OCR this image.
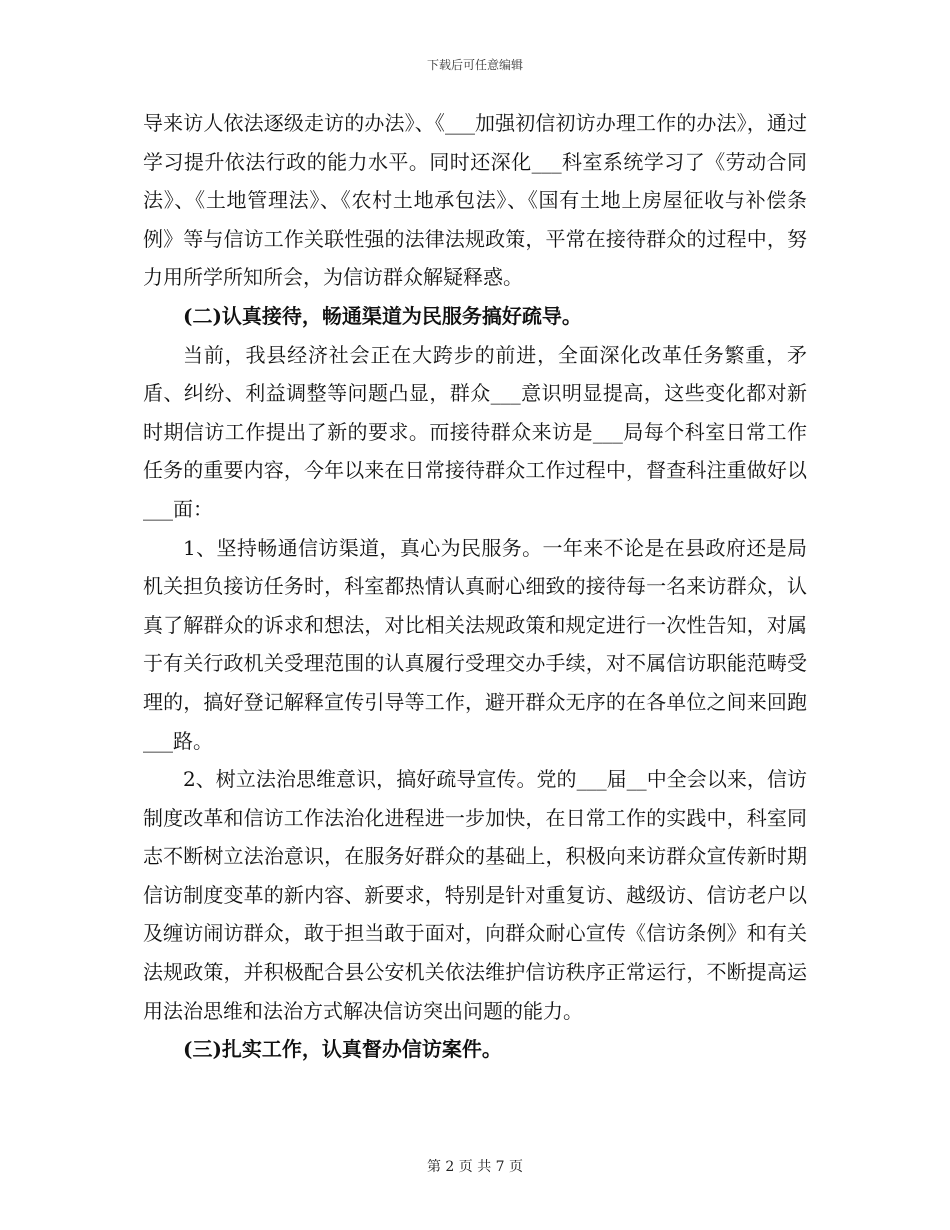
下载后可任意编辑

导来访人依法逐级走访的办法》、《___加强初信初访办理工作的办法》，通过学习提升依法行政的能力水平。同时还深化___科室系统学习了《劳动合同法》、《土地管理法》、《农村土地承包法》、《国有土地上房屋征收与补偿条例》等与信访工作关联性强的法律法规政策，平常在接待群众的过程中，努力用所学所知所会，为信访群众解疑释惑。

(二)认真接待，畅通渠道为民服务搞好疏导。

当前，我县经济社会正在大跨步的前进，全面深化改革任务繁重，矛盾、纠纷、利益调整等问题凸显，群众___意识明显提高，这些变化都对新时期信访工作提出了新的要求。而接待群众来访是___局每个科室日常工作任务的重要内容，今年以来在日常接待群众工作过程中，督查科注重做好以___面：

1、坚持畅通信访渠道，真心为民服务。一年来不论是在县政府还是局机关担负接访任务时，科室都热情认真耐心细致的接待每一名来访群众，认真了解群众的诉求和想法，对比相关法规政策和规定进行一次性告知，对属于有关行政机关受理范围的认真履行受理交办手续，对不属信访职能范畴受理的，搞好登记解释宣传引导等工作，避开群众无序的在各单位之间来回跑___路。

2、树立法治思维意识，搞好疏导宣传。党的___届__中全会以来，信访制度改革和信访工作法治化进程进一步加快，在日常工作的实践中，科室同志不断树立法治意识，在服务好群众的基础上，积极向来访群众宣传新时期信访制度变革的新内容、新要求，特别是针对重复访、越级访、信访老户以及缠访闹访群众，敢于担当敢于面对，向群众耐心宣传《信访条例》和有关法规政策，并积极配合县公安机关依法维护信访秩序正常运行，不断提高运用法治思维和法治方式解决信访突出问题的能力。

(三)扎实工作，认真督办信访案件。

第 2 页 共 7 页
